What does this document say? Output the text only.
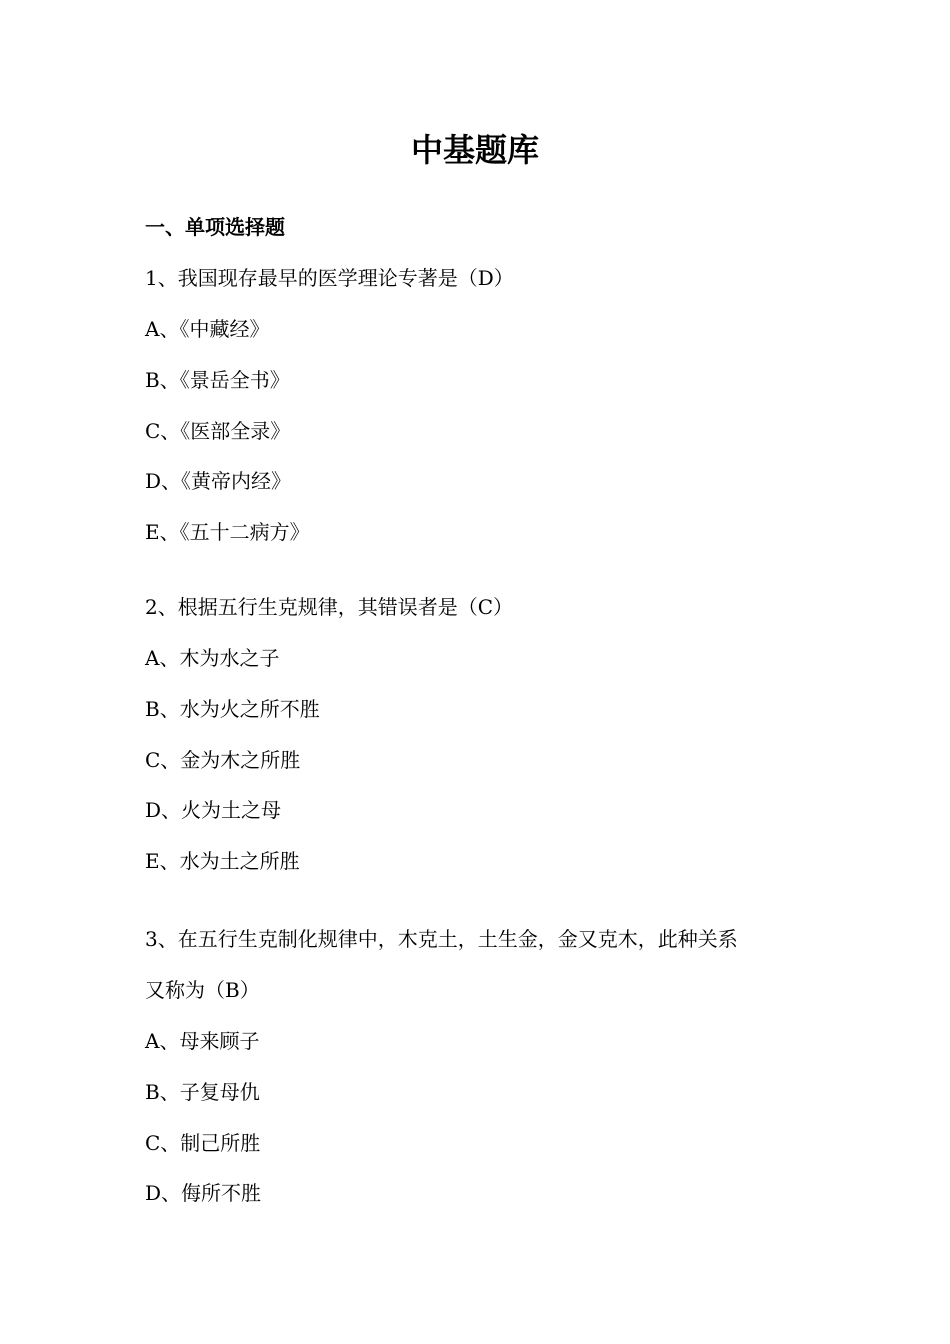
中基题库
一、单项选择题
1、我国现存最早的医学理论专著是（D）
A、《中藏经》
B、《景岳全书》
C、《医部全录》
D、《黄帝内经》
E、《五十二病方》
2、根据五行生克规律，其错误者是（C）
A、木为水之子
B、水为火之所不胜
C、金为木之所胜
D、火为土之母
E、水为土之所胜
3、在五行生克制化规律中，木克土，土生金，金又克木，此种关系
又称为（B）
A、母来顾子
B、子复母仇
C、制己所胜
D、侮所不胜
